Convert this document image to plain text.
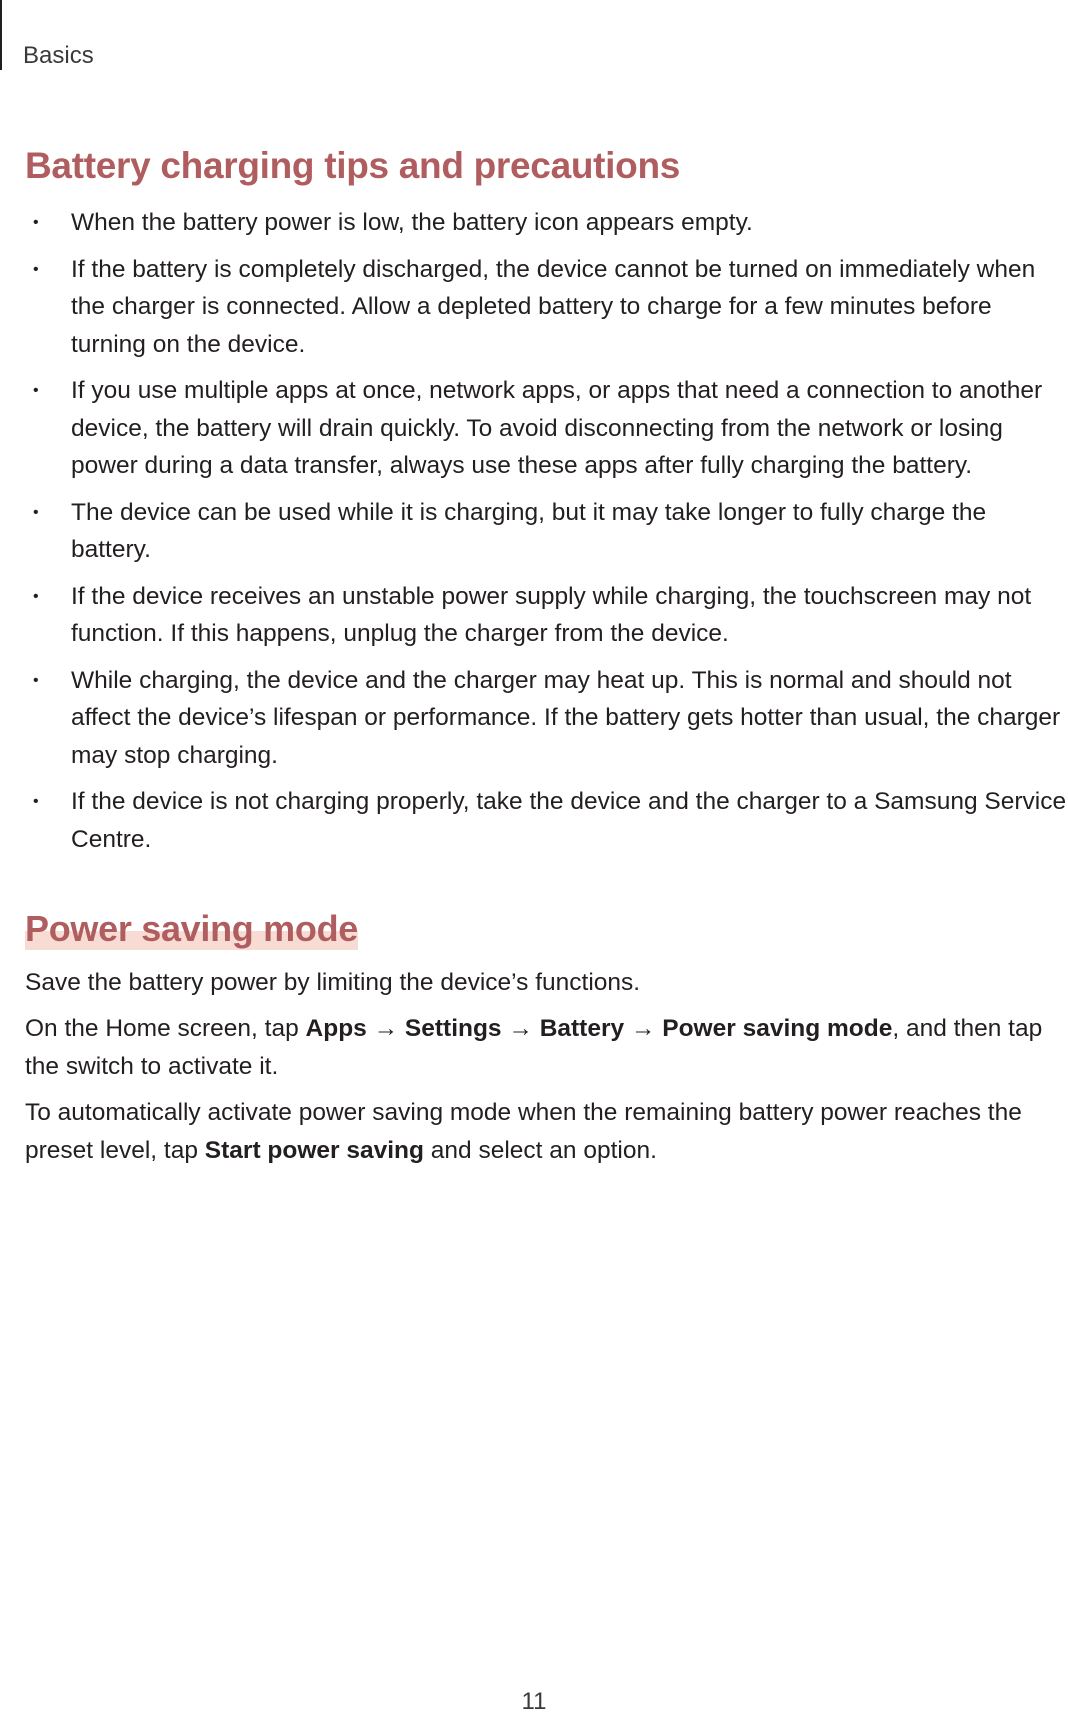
Basics
Battery charging tips and precautions
• When the battery power is low, the battery icon appears empty.
• If the battery is completely discharged, the device cannot be turned on immediately when the charger is connected. Allow a depleted battery to charge for a few minutes before turning on the device.
• If you use multiple apps at once, network apps, or apps that need a connection to another device, the battery will drain quickly. To avoid disconnecting from the network or losing power during a data transfer, always use these apps after fully charging the battery.
• The device can be used while it is charging, but it may take longer to fully charge the battery.
• If the device receives an unstable power supply while charging, the touchscreen may not function. If this happens, unplug the charger from the device.
• While charging, the device and the charger may heat up. This is normal and should not affect the device’s lifespan or performance. If the battery gets hotter than usual, the charger may stop charging.
• If the device is not charging properly, take the device and the charger to a Samsung Service Centre.
Power saving mode

Save the battery power by limiting the device’s functions.

On the Home screen, tap Apps → Settings → Battery → Power saving mode, and then tap the switch to activate it.

To automatically activate power saving mode when the remaining battery power reaches the preset level, tap Start power saving and select an option.

11
